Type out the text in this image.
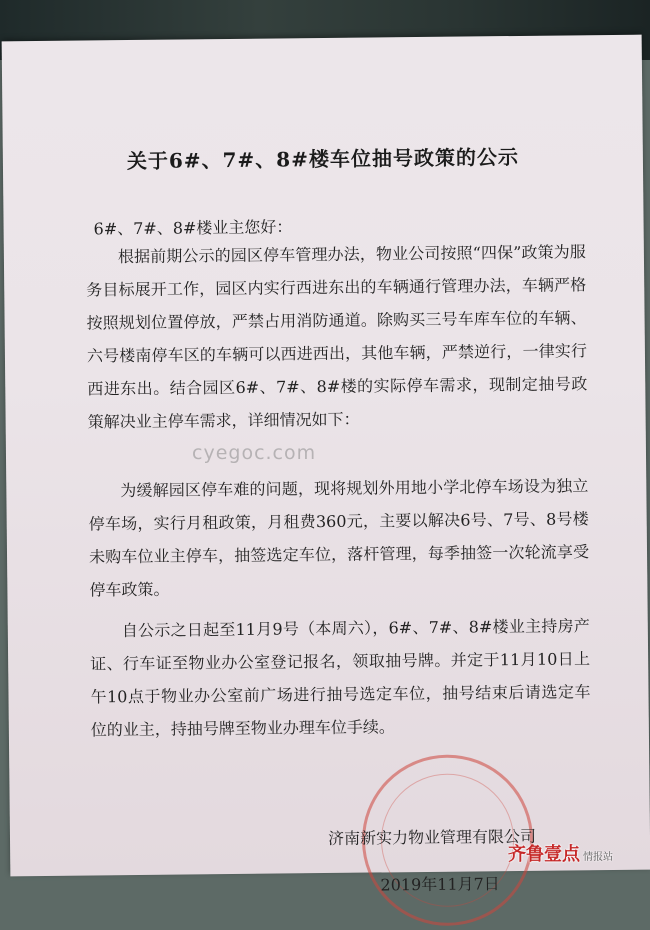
关于6#、7#、8#楼车位抽号政策的公示
6#、7#、8#楼业主您好：

根据前期公示的园区停车管理办法，物业公司按照“四保”政策为服务目标展开工作，园区内实行西进东出的车辆通行管理办法，车辆严格按照规划位置停放，严禁占用消防通道。除购买三号车库车位的车辆、六号楼南停车区的车辆可以西进西出，其他车辆，严禁逆行，一律实行西进东出。结合园区6#、7#、8#楼的实际停车需求，现制定抽号政策解决业主停车需求，详细情况如下：

为缓解园区停车难的问题，现将规划外用地小学北停车场设为独立停车场，实行月租政策，月租费360元，主要以解决6号、7号、8号楼未购车位业主停车，抽签选定车位，落杆管理，每季抽签一次轮流享受停车政策。

自公示之日起至11月9号（本周六），6#、7#、8#楼业主持房产证、行车证至物业办公室登记报名，领取抽号牌。并定于11月10日上午10点于物业办公室前广场进行抽号选定车位，抽号结束后请选定车位的业主，持抽号牌至物业办理车位手续。

济南新实力物业管理有限公司
2019年11月7日
cyegoc.com
齐鲁壹点 情报站
